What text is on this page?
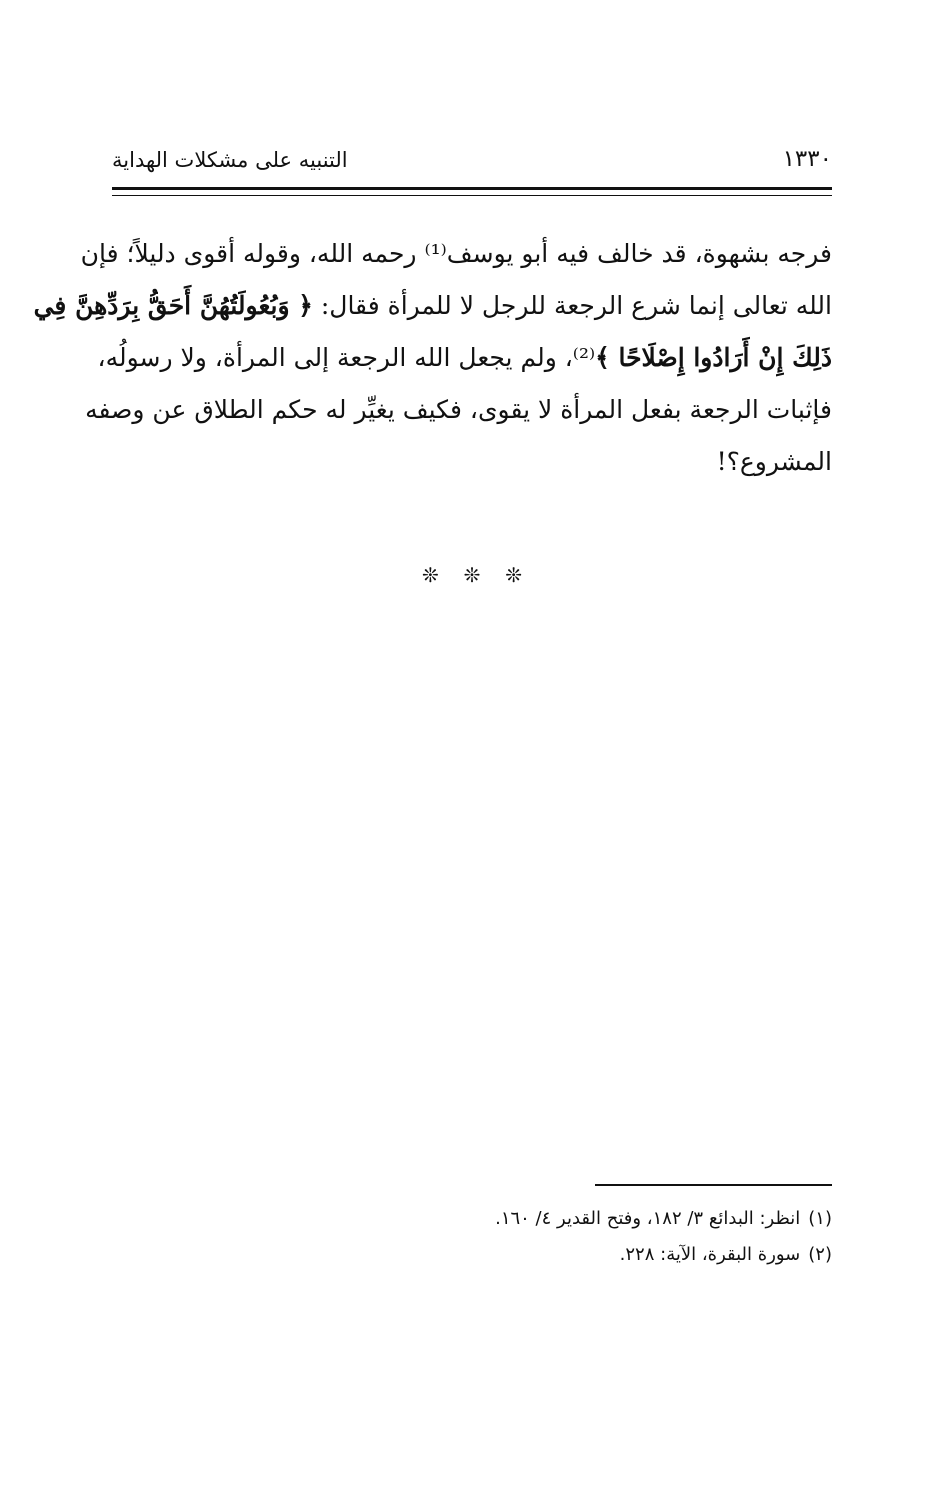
١٣٣٠
التنبيه على مشكلات الهداية
فرجه بشهوة، قد خالف فيه أبو يوسف⁽¹⁾ رحمه الله، وقوله أقوى دليلاً؛ فإن
الله تعالى إنما شرع الرجعة للرجل لا للمرأة فقال: ﴿ وَبُعُولَتُهُنَّ أَحَقُّ بِرَدِّهِنَّ فِي
ذَلِكَ إِنْ أَرَادُوا إِصْلَاحًا ﴾⁽²⁾، ولم يجعل الله الرجعة إلى المرأة، ولا رسولُه،
فإثبات الرجعة بفعل المرأة لا يقوى، فكيف يغيِّر له حكم الطلاق عن وصفه
المشروع؟!
❊ ❊ ❊
(١)انظر: البدائع ٣/ ١٨٢، وفتح القدير ٤/ ١٦٠.
(٢)سورة البقرة، الآية: ٢٢٨.
